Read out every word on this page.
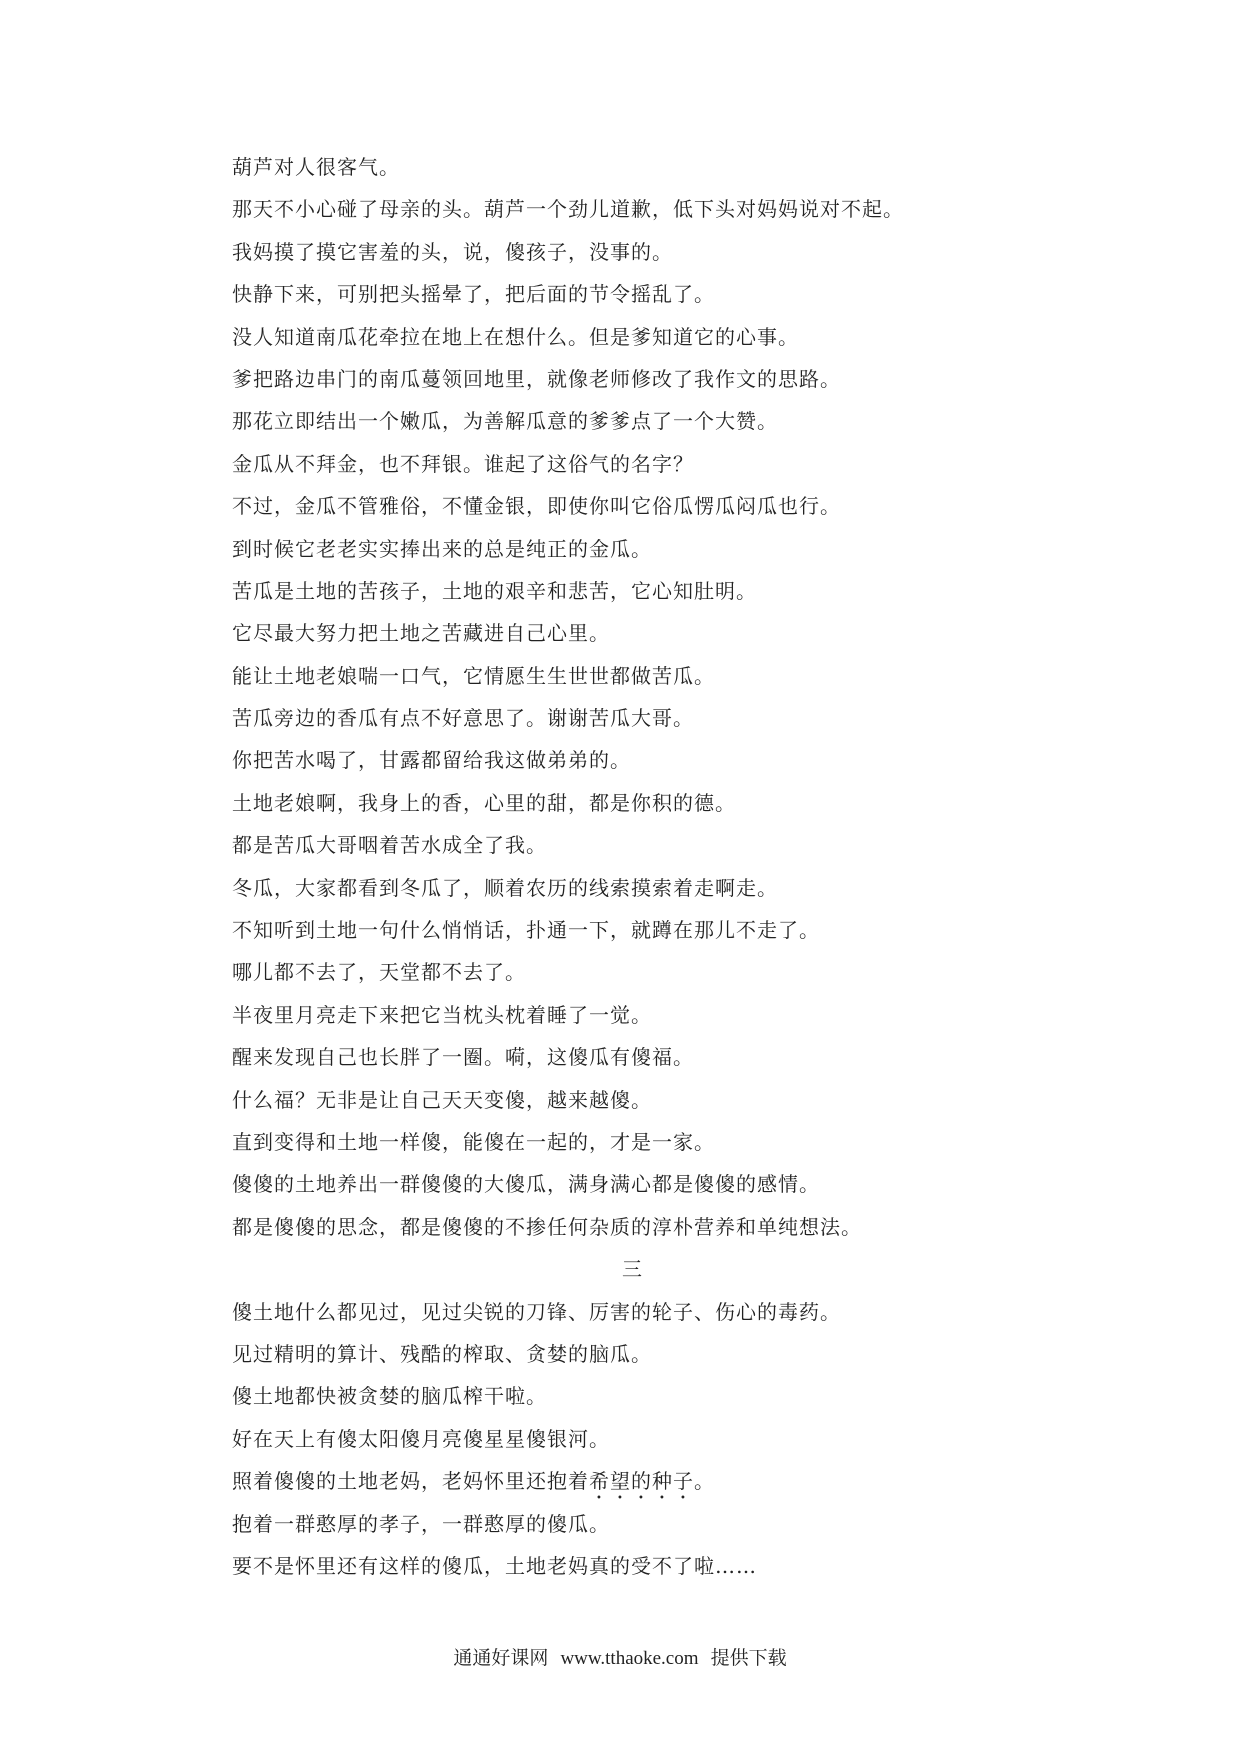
葫芦对人很客气。
那天不小心碰了母亲的头。葫芦一个劲儿道歉，低下头对妈妈说对不起。
我妈摸了摸它害羞的头，说，傻孩子，没事的。
快静下来，可别把头摇晕了，把后面的节令摇乱了。
没人知道南瓜花牵拉在地上在想什么。但是爹知道它的心事。
爹把路边串门的南瓜蔓领回地里，就像老师修改了我作文的思路。
那花立即结出一个嫩瓜，为善解瓜意的爹爹点了一个大赞。
金瓜从不拜金，也不拜银。谁起了这俗气的名字？
不过，金瓜不管雅俗，不懂金银，即使你叫它俗瓜愣瓜闷瓜也行。
到时候它老老实实捧出来的总是纯正的金瓜。
苦瓜是土地的苦孩子，土地的艰辛和悲苦，它心知肚明。
它尽最大努力把土地之苦藏进自己心里。
能让土地老娘喘一口气，它情愿生生世世都做苦瓜。
苦瓜旁边的香瓜有点不好意思了。谢谢苦瓜大哥。
你把苦水喝了，甘露都留给我这做弟弟的。
土地老娘啊，我身上的香，心里的甜，都是你积的德。
都是苦瓜大哥咽着苦水成全了我。
冬瓜，大家都看到冬瓜了，顺着农历的线索摸索着走啊走。
不知听到土地一句什么悄悄话，扑通一下，就蹲在那儿不走了。
哪儿都不去了，天堂都不去了。
半夜里月亮走下来把它当枕头枕着睡了一觉。
醒来发现自己也长胖了一圈。嗬，这傻瓜有傻福。
什么福？无非是让自己天天变傻，越来越傻。
直到变得和土地一样傻，能傻在一起的，才是一家。
傻傻的土地养出一群傻傻的大傻瓜，满身满心都是傻傻的感情。
都是傻傻的思念，都是傻傻的不掺任何杂质的淳朴营养和单纯想法。
三
傻土地什么都见过，见过尖锐的刀锋、厉害的轮子、伤心的毒药。
见过精明的算计、残酷的榨取、贪婪的脑瓜。
傻土地都快被贪婪的脑瓜榨干啦。
好在天上有傻太阳傻月亮傻星星傻银河。
照着傻傻的土地老妈，老妈怀里还抱着希望的种子。
抱着一群憨厚的孝子，一群憨厚的傻瓜。
要不是怀里还有这样的傻瓜，土地老妈真的受不了啦……
通通好课网 www.tthaoke.com 提供下载
